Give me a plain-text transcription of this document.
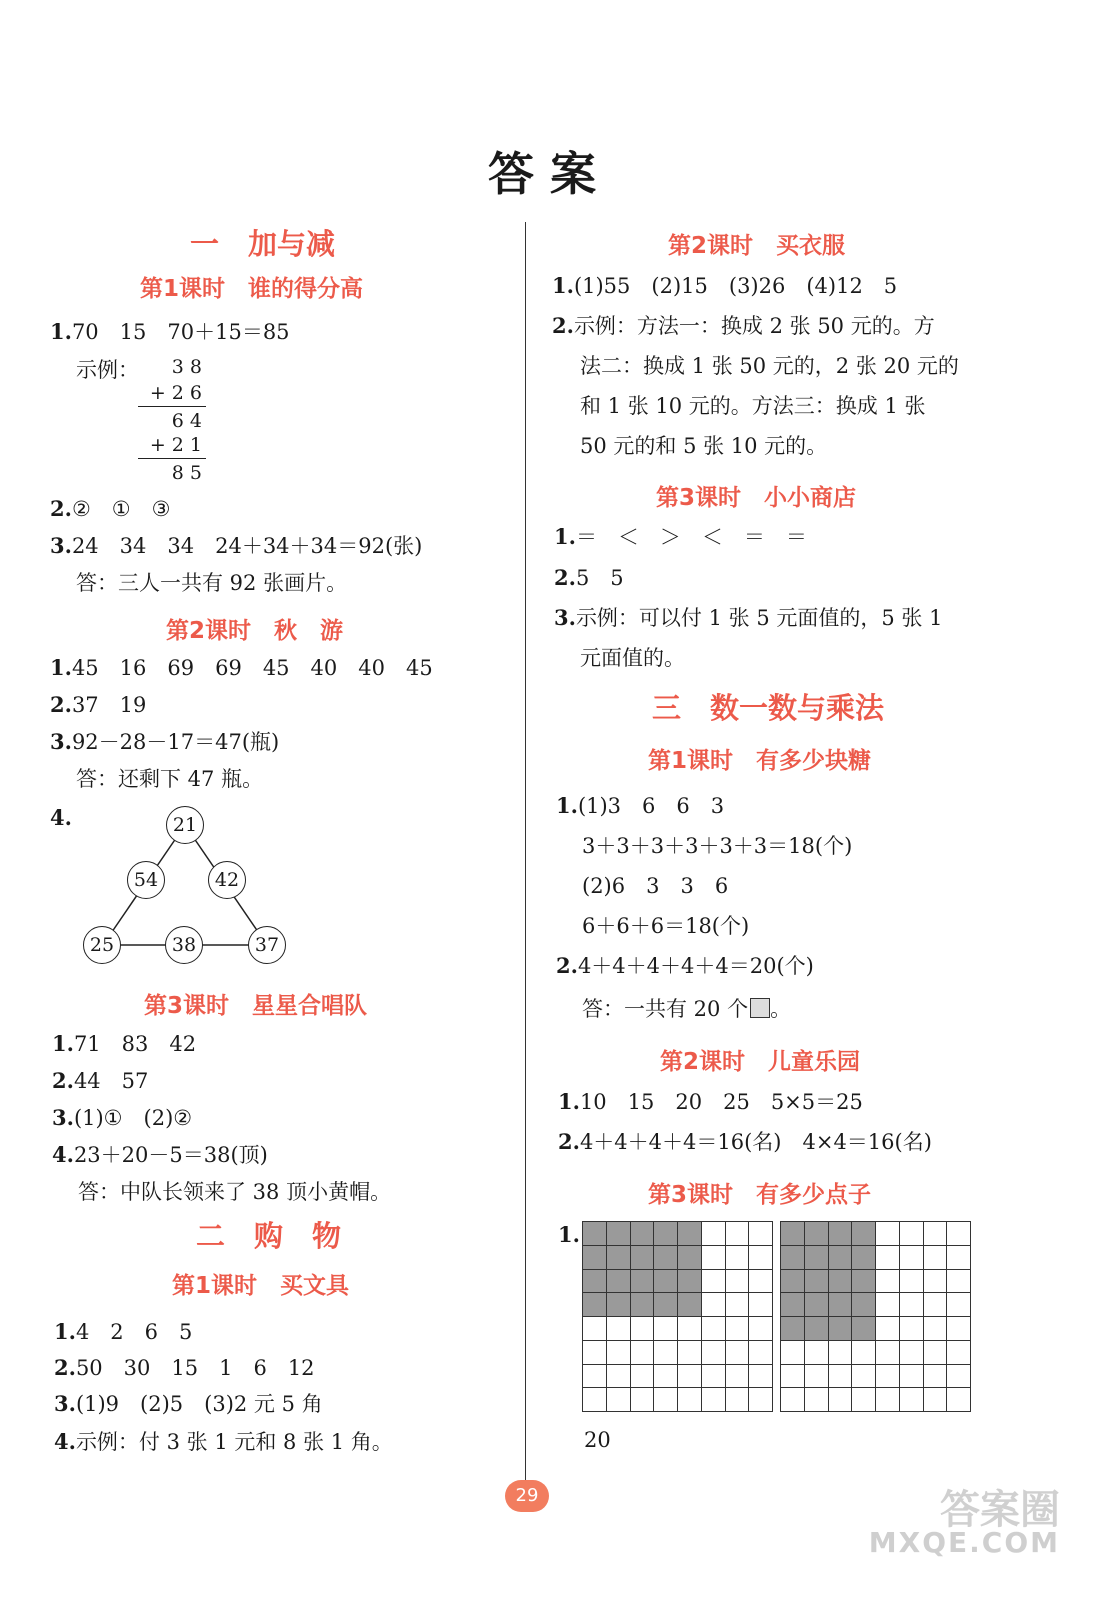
答案
一　加与减
第1课时　谁的得分高
1.70　15　70＋15＝85
示例： 3 8
+ 2 6
6 4
+ 2 1
8 5
2.②　①　③
3.24　34　34　24＋34＋34＝92(张)
答：三人一共有 92 张画片。
第2课时　秋　游
1.45　16　69　69　45　40　40　45
2.37　19
3.92－28－17＝47(瓶)
答：还剩下 47 瓶。
4.	21
54	42
25	38	37
第3课时　星星合唱队
1.71　83　42
2.44　57
3.(1)①　(2)②
4.23＋20－5＝38(顶)
答：中队长领来了 38 顶小黄帽。
二　购　物
第1课时　买文具
1.4　2　6　5
2.50　30　15　1　6　12
3.(1)9　(2)5　(3)2 元 5 角
4.示例：付 3 张 1 元和 8 张 1 角。
第2课时　买衣服
1.(1)55　(2)15　(3)26　(4)12　5
2.示例：方法一：换成 2 张 50 元的。方
法二：换成 1 张 50 元的，2 张 20 元的
和 1 张 10 元的。方法三：换成 1 张
50 元的和 5 张 10 元的。
第3课时　小小商店
1.＝　＜　＞　＜　＝　＝
2.5　5
3.示例：可以付 1 张 5 元面值的，5 张 1
元面值的。
三　数一数与乘法
第1课时　有多少块糖
1.(1)3　6　6　3
3＋3＋3＋3＋3＋3＝18(个)
(2)6　3　3　6
6＋6＋6＝18(个)
2.4＋4＋4＋4＋4＝20(个)
答：一共有 20 个 。
第2课时　儿童乐园
1.10　15　20　25　5×5＝25
2.4＋4＋4＋4＝16(名)　4×4＝16(名)
第3课时　有多少点子
1.
20
29	答案圈
MXQE.COM
